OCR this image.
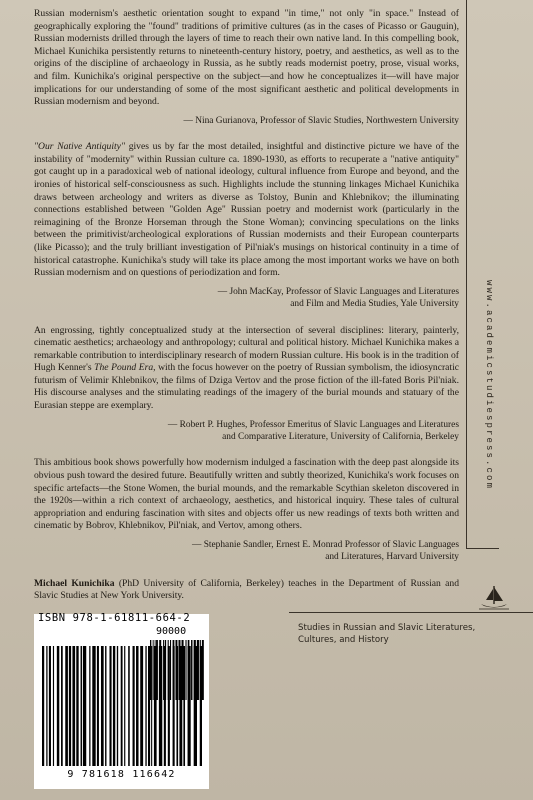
Russian modernism's aesthetic orientation sought to expand "in time," not only "in space." Instead of geographically exploring the "found" traditions of primitive cultures (as in the cases of Picasso or Gauguin), Russian modernists drilled through the layers of time to reach their own native land. In this compelling book, Michael Kunichika persistently returns to nineteenth-century history, poetry, and aesthetics, as well as to the origins of the discipline of archaeology in Russia, as he subtly reads modernist poetry, prose, visual works, and film. Kunichika's original perspective on the subject—and how he conceptualizes it—will have major implications for our understanding of some of the most significant aesthetic and political developments in Russian modernism and beyond.

— Nina Gurianova, Professor of Slavic Studies, Northwestern University

"Our Native Antiquity" gives us by far the most detailed, insightful and distinctive picture we have of the instability of "modernity" within Russian culture ca. 1890-1930, as efforts to recuperate a "native antiquity" got caught up in a paradoxical web of national ideology, cultural influence from Europe and beyond, and the ironies of historical self-consciousness as such. Highlights include the stunning linkages Michael Kunichika draws between archeology and writers as diverse as Tolstoy, Bunin and Khlebnikov; the illuminating connections established between "Golden Age" Russian poetry and modernist work (particularly in the reimagining of the Bronze Horseman through the Stone Woman); convincing speculations on the links between the primitivist/archeological explorations of Russian modernists and their European counterparts (like Picasso); and the truly brilliant investigation of Pil'niak's musings on historical continuity in a time of historical catastrophe. Kunichika's study will take its place among the most important works we have on both Russian modernism and on questions of periodization and form.

— John MacKay, Professor of Slavic Languages and Literatures
and Film and Media Studies, Yale University

An engrossing, tightly conceptualized study at the intersection of several disciplines: literary, painterly, cinematic aesthetics; archaeology and anthropology; cultural and political history. Michael Kunichika makes a remarkable contribution to interdisciplinary research of modern Russian culture. His book is in the tradition of Hugh Kenner's The Pound Era, with the focus however on the poetry of Russian symbolism, the idiosyncratic futurism of Velimir Khlebnikov, the films of Dziga Vertov and the prose fiction of the ill-fated Boris Pil'niak. His discourse analyses and the stimulating readings of the imagery of the burial mounds and statuary of the Eurasian steppe are exemplary.

— Robert P. Hughes, Professor Emeritus of Slavic Languages and Literatures
and Comparative Literature, University of California, Berkeley

This ambitious book shows powerfully how modernism indulged a fascination with the deep past alongside its obvious push toward the desired future. Beautifully written and subtly theorized, Kunichika's work focuses on specific artefacts—the Stone Women, the burial mounds, and the remarkable Scythian skeleton discovered in the 1920s—within a rich context of archaeology, aesthetics, and historical inquiry. These tales of cultural appropriation and enduring fascination with sites and objects offer us new readings of texts both written and cinematic by Bobrov, Khlebnikov, Pil'niak, and Vertov, among others.

— Stephanie Sandler, Ernest E. Monrad Professor of Slavic Languages
and Literatures, Harvard University

Michael Kunichika (PhD University of California, Berkeley) teaches in the Department of Russian and Slavic Studies at New York University.

www.academicstudiespress.com
Studies in Russian and Slavic Literatures,
Cultures, and History
ISBN 978-1-61811-664-2
90000
9 781618 116642
